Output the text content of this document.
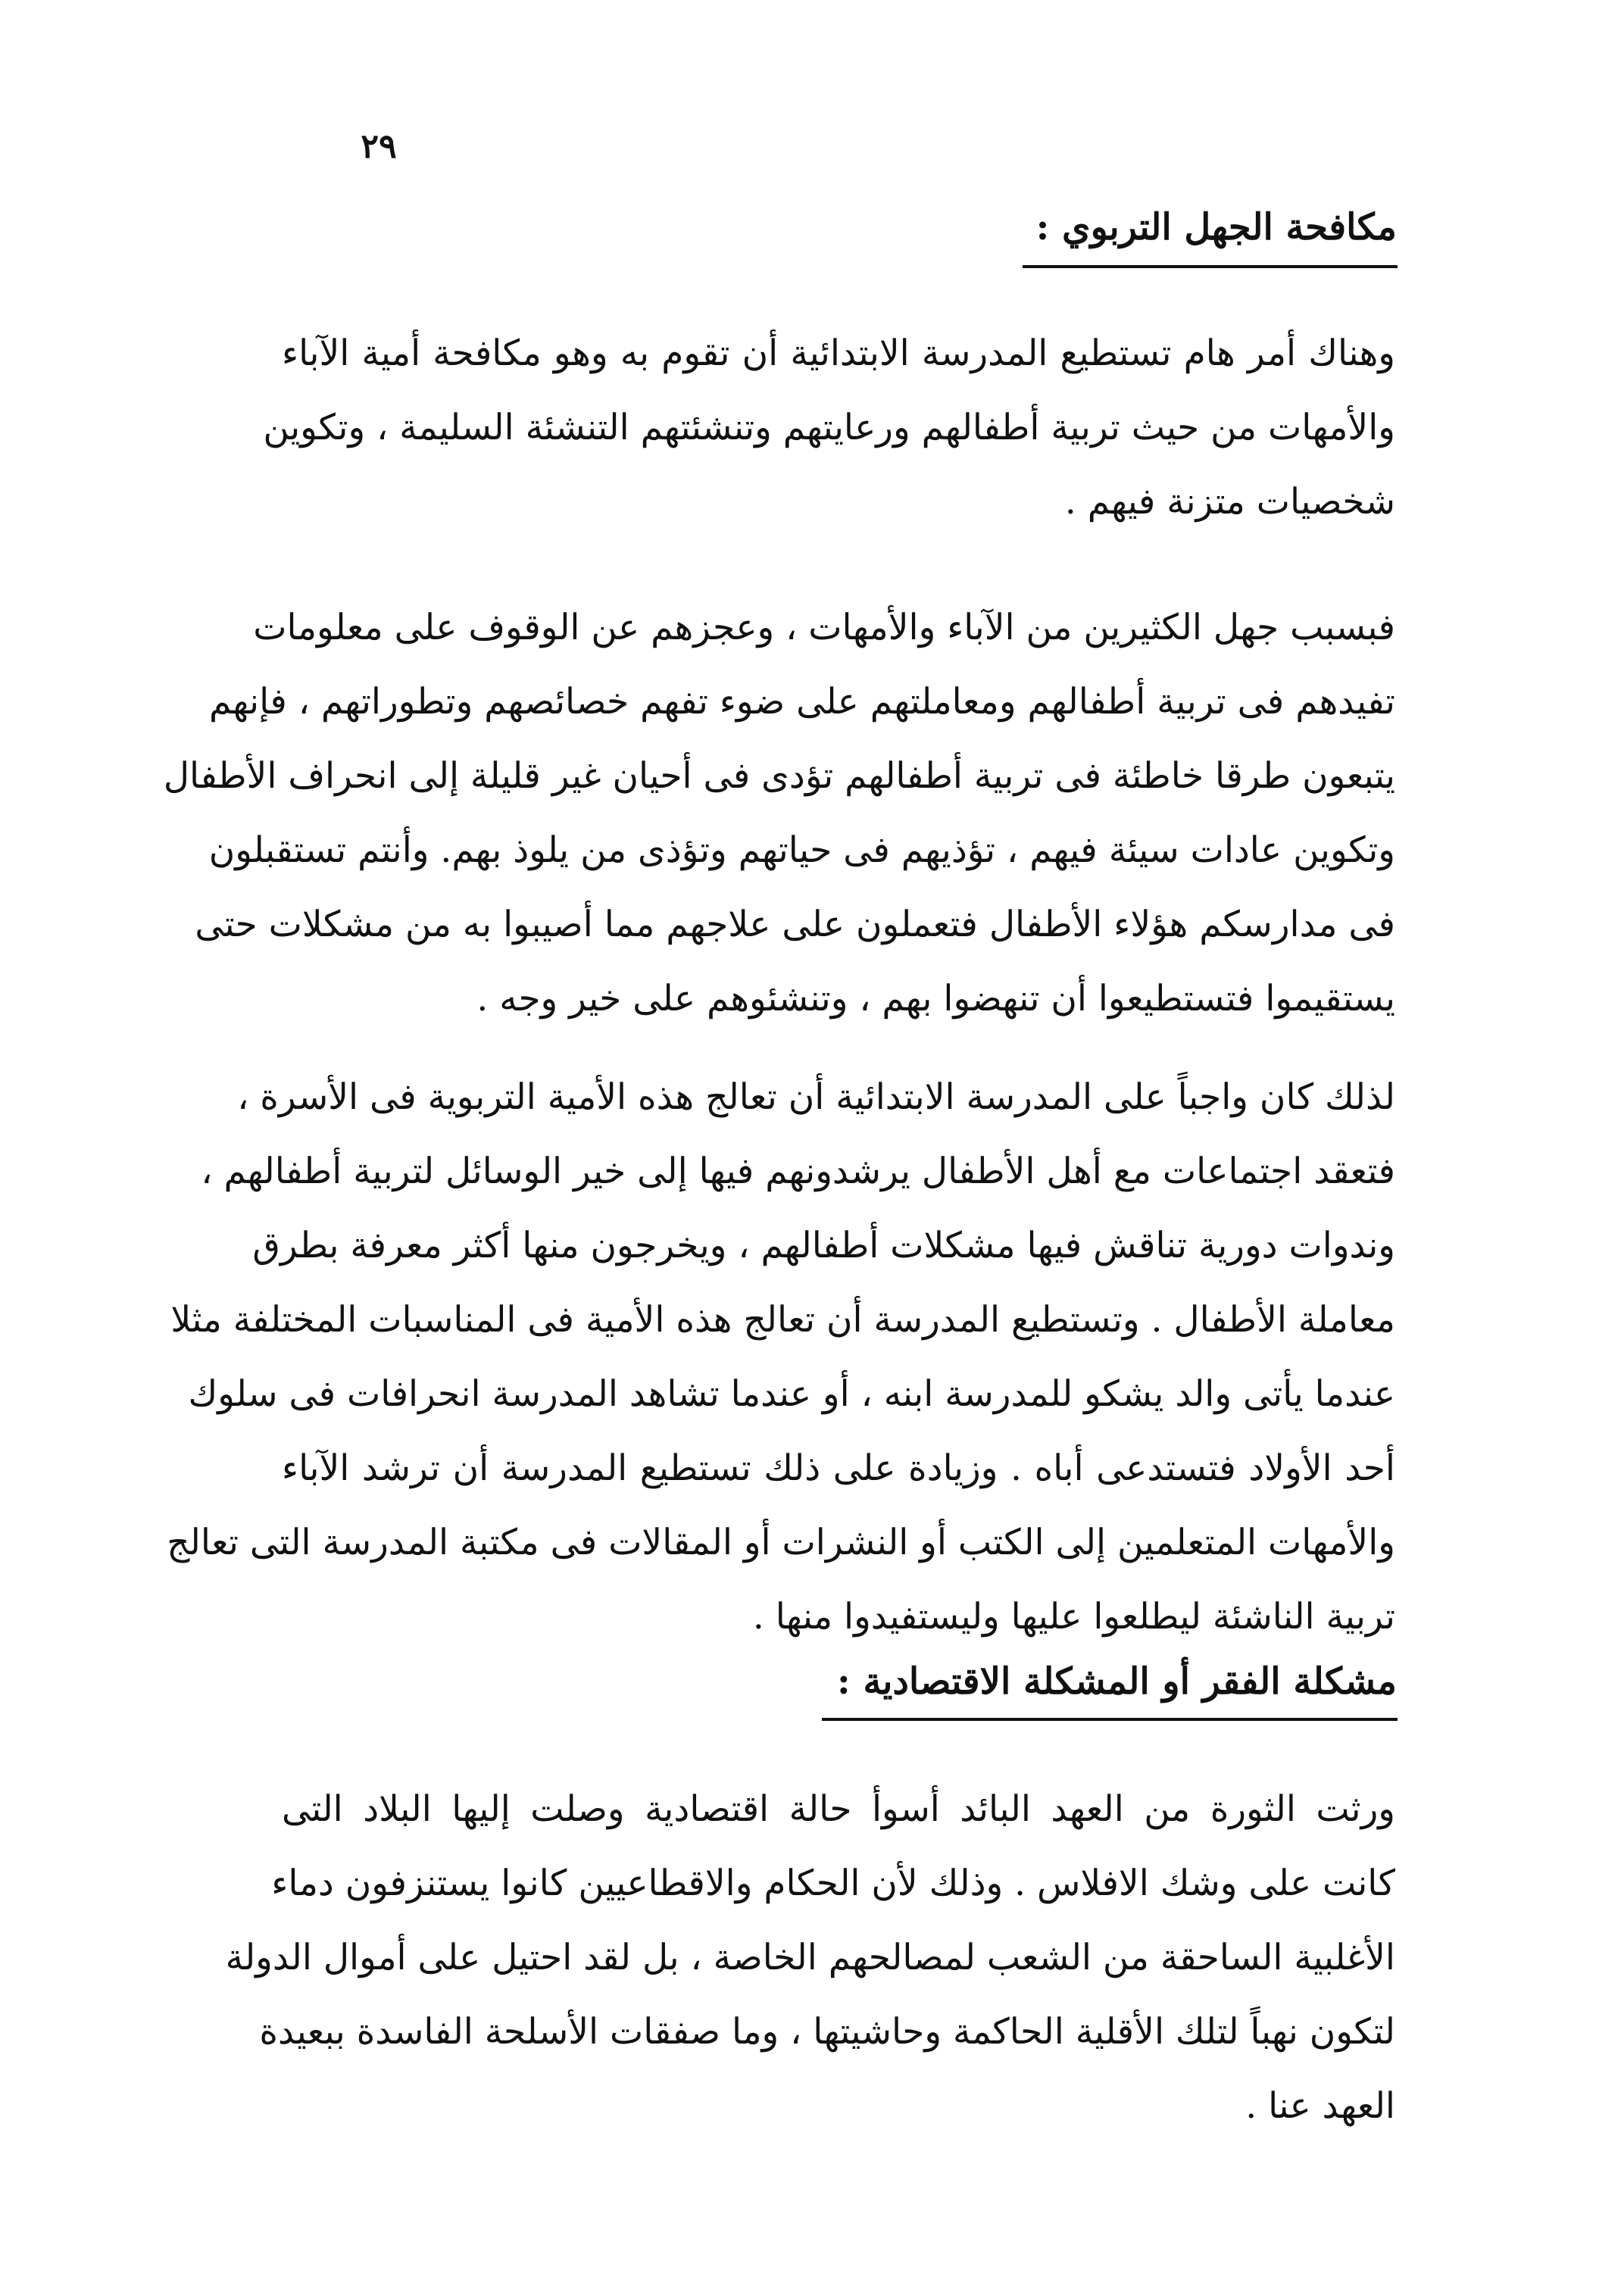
٢٩
مكافحة الجهل التربوي :
وهناك أمر هام تستطيع المدرسة الابتدائية أن تقوم به وهو مكافحة أمية الآباء
والأمهات من حيث تربية أطفالهم ورعايتهم وتنشئتهم التنشئة السليمة ، وتكوين
شخصيات متزنة فيهم .
فبسبب جهل الكثيرين من الآباء والأمهات ، وعجزهم عن الوقوف على معلومات
تفيدهم فى تربية أطفالهم ومعاملتهم على ضوء تفهم خصائصهم وتطوراتهم ، فإنهم
يتبعون طرقا خاطئة فى تربية أطفالهم تؤدى فى أحيان غير قليلة إلى انحراف الأطفال
وتكوين عادات سيئة فيهم ، تؤذيهم فى حياتهم وتؤذى من يلوذ بهم. وأنتم تستقبلون
فى مدارسكم هؤلاء الأطفال فتعملون على علاجهم مما أصيبوا به من مشكلات حتى
يستقيموا فتستطيعوا أن تنهضوا بهم ، وتنشئوهم على خير وجه .
لذلك كان واجباً على المدرسة الابتدائية أن تعالج هذه الأمية التربوية فى الأسرة ،
فتعقد اجتماعات مع أهل الأطفال يرشدونهم فيها إلى خير الوسائل لتربية أطفالهم ،
وندوات دورية تناقش فيها مشكلات أطفالهم ، ويخرجون منها أكثر معرفة بطرق
معاملة الأطفال . وتستطيع المدرسة أن تعالج هذه الأمية فى المناسبات المختلفة مثلا
عندما يأتى والد يشكو للمدرسة ابنه ، أو عندما تشاهد المدرسة انحرافات فى سلوك
أحد الأولاد فتستدعى أباه . وزيادة على ذلك تستطيع المدرسة أن ترشد الآباء
والأمهات المتعلمين إلى الكتب أو النشرات أو المقالات فى مكتبة المدرسة التى تعالج
تربية الناشئة ليطلعوا عليها وليستفيدوا منها .
مشكلة الفقر أو المشكلة الاقتصادية :
ورثت الثورة من العهد البائد أسوأ حالة اقتصادية وصلت إليها البلاد التى
كانت على وشك الافلاس . وذلك لأن الحكام والاقطاعيين كانوا يستنزفون دماء
الأغلبية الساحقة من الشعب لمصالحهم الخاصة ، بل لقد احتيل على أموال الدولة
لتكون نهباً لتلك الأقلية الحاكمة وحاشيتها ، وما صفقات الأسلحة الفاسدة ببعيدة
العهد عنا .
